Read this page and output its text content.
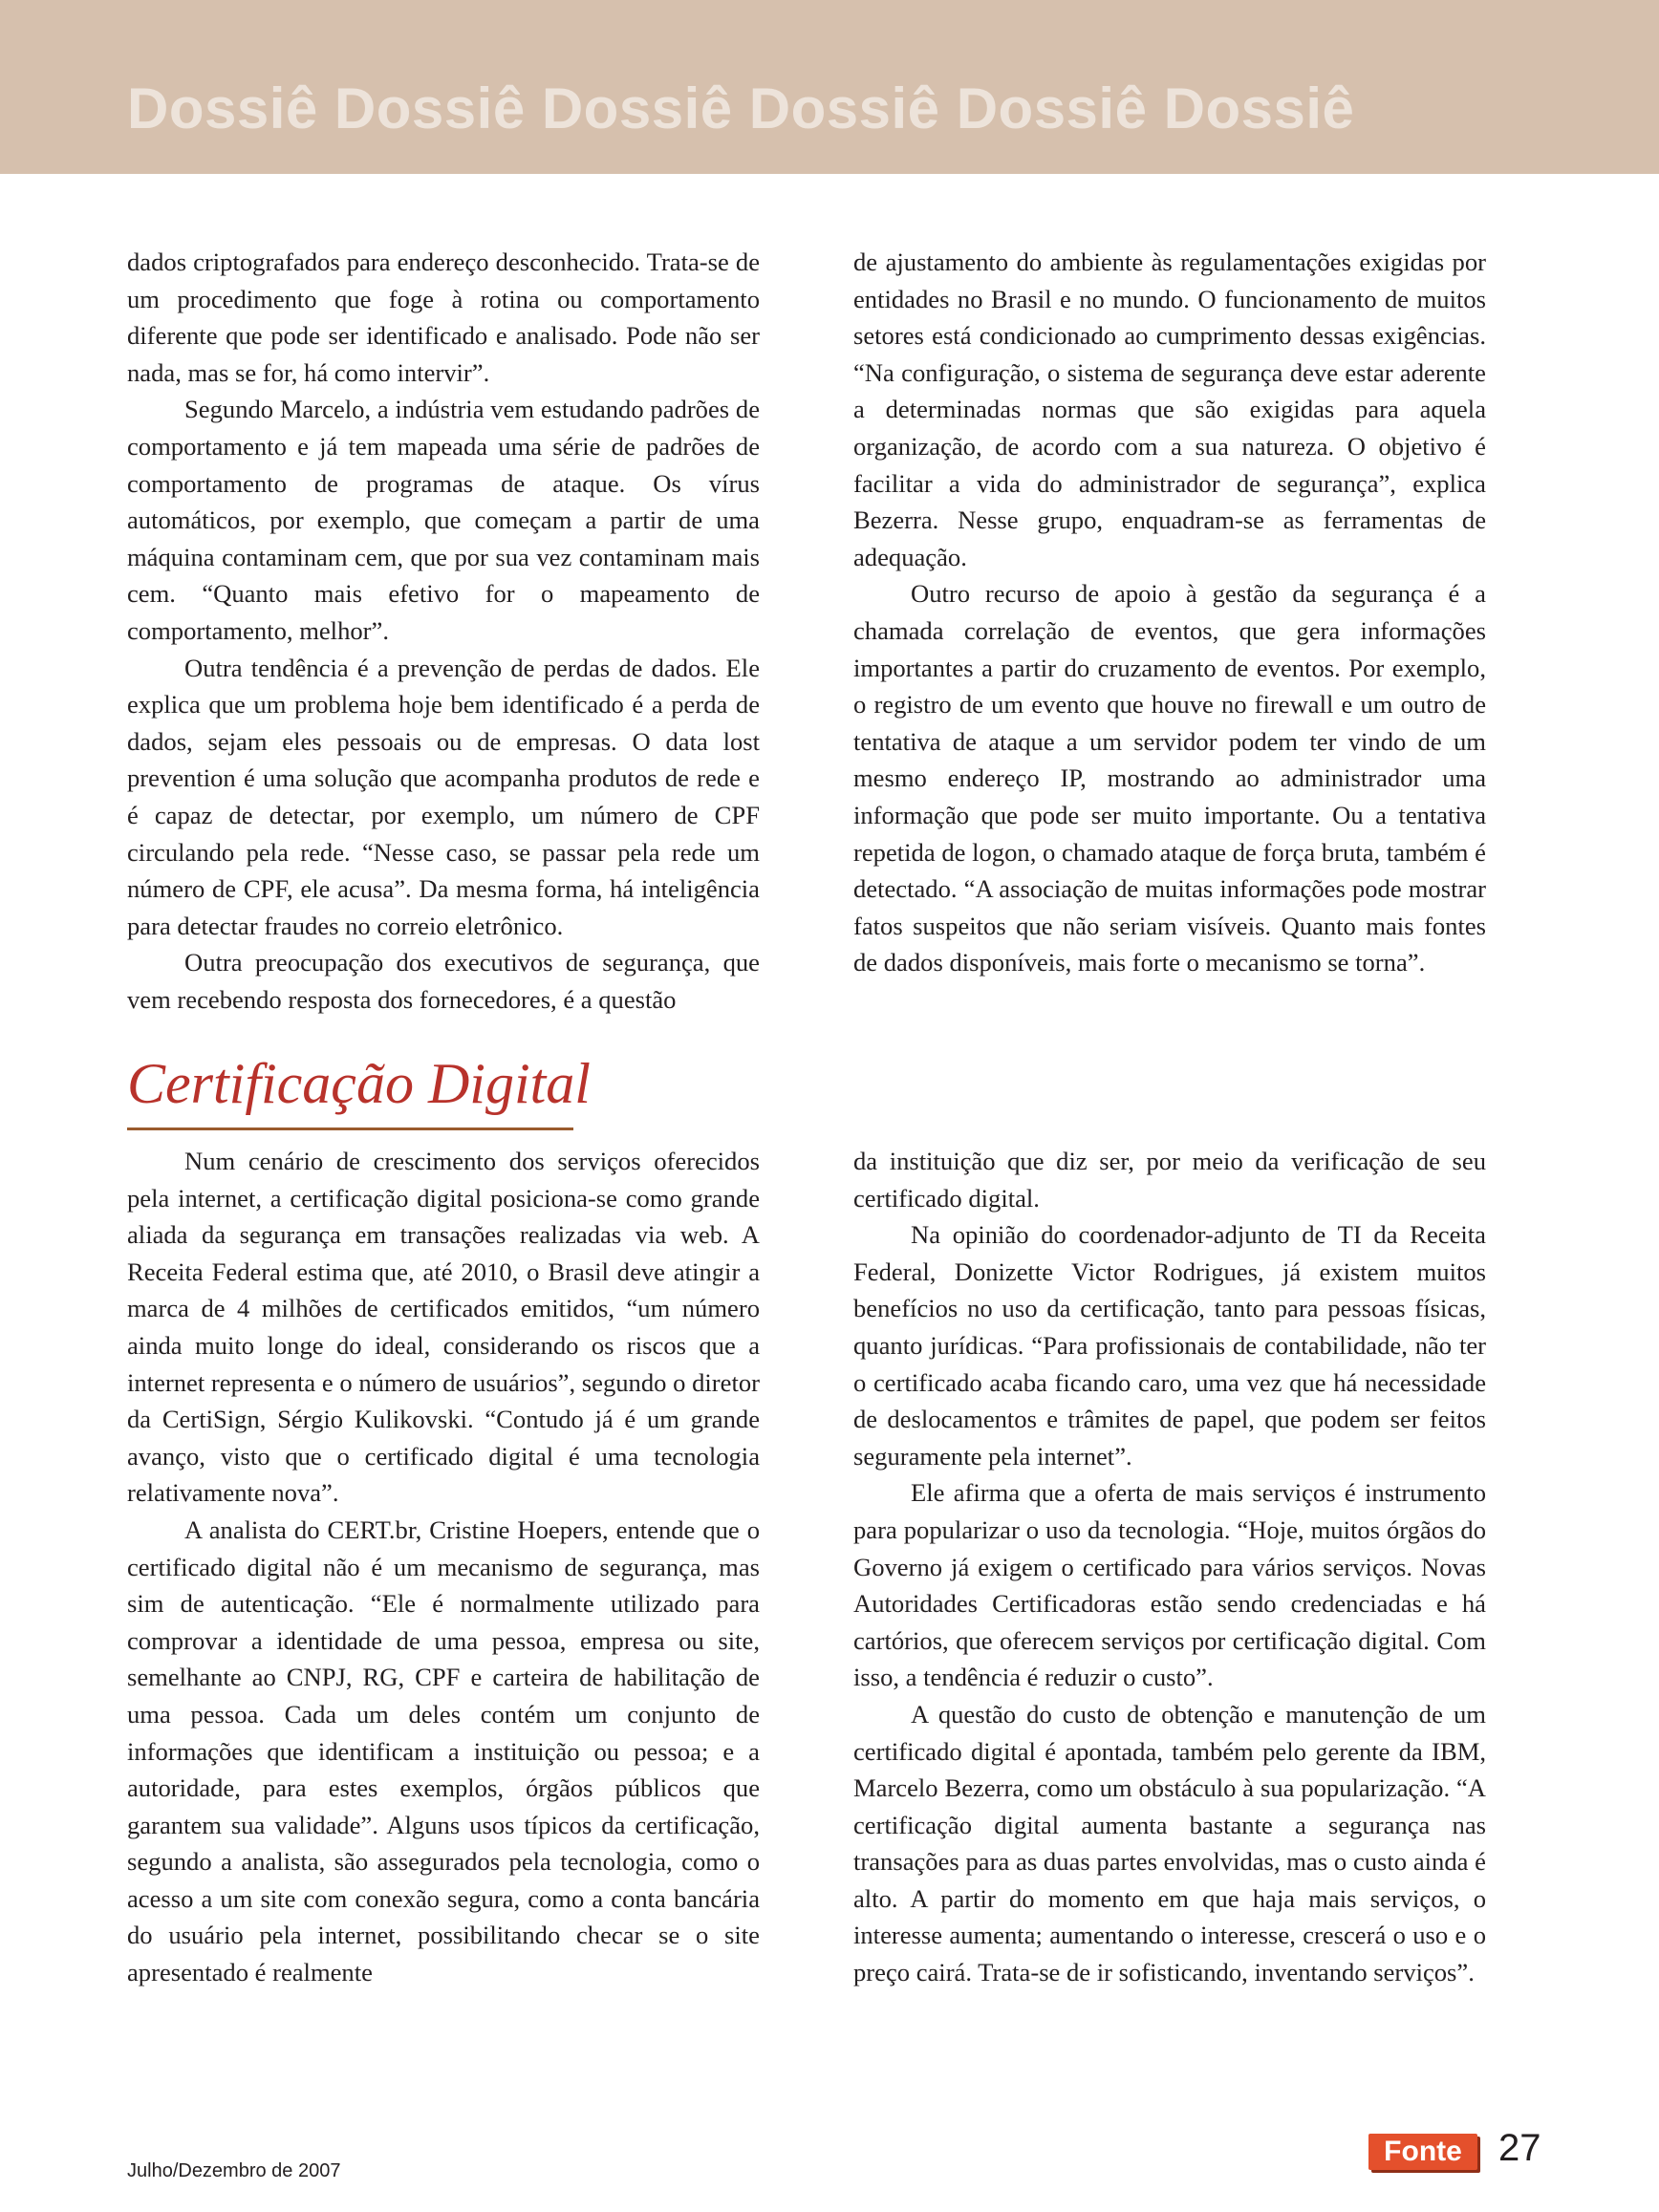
Dossiê Dossiê Dossiê Dossiê Dossiê Dossiê

dados criptografados para endereço desconhecido. Trata-se de um procedimento que foge à rotina ou comportamento diferente que pode ser identificado e analisado. Pode não ser nada, mas se for, há como intervir”.

Segundo Marcelo, a indústria vem estudando padrões de comportamento e já tem mapeada uma série de padrões de comportamento de programas de ataque. Os vírus automáticos, por exemplo, que começam a partir de uma máquina contaminam cem, que por sua vez contaminam mais cem. “Quanto mais efetivo for o mapeamento de comportamento, melhor”.

Outra tendência é a prevenção de perdas de dados. Ele explica que um problema hoje bem identificado é a perda de dados, sejam eles pessoais ou de empresas. O data lost prevention é uma solução que acompanha produtos de rede e é capaz de detectar, por exemplo, um número de CPF circulando pela rede. “Nesse caso, se passar pela rede um número de CPF, ele acusa”. Da mesma forma, há inteligência para detectar fraudes no correio eletrônico.

Outra preocupação dos executivos de segurança, que vem recebendo resposta dos fornecedores, é a questão

de ajustamento do ambiente às regulamentações exigidas por entidades no Brasil e no mundo. O funcionamento de muitos setores está condicionado ao cumprimento dessas exigências. “Na configuração, o sistema de segurança deve estar aderente a determinadas normas que são exigidas para aquela organização, de acordo com a sua natureza. O objetivo é facilitar a vida do administrador de segurança”, explica Bezerra. Nesse grupo, enquadram-se as ferramentas de adequação.

Outro recurso de apoio à gestão da segurança é a chamada correlação de eventos, que gera informações importantes a partir do cruzamento de eventos. Por exemplo, o registro de um evento que houve no firewall e um outro de tentativa de ataque a um servidor podem ter vindo de um mesmo endereço IP, mostrando ao administrador uma informação que pode ser muito importante. Ou a tentativa repetida de logon, o chamado ataque de força bruta, também é detectado. “A associação de muitas informações pode mostrar fatos suspeitos que não seriam visíveis. Quanto mais fontes de dados disponíveis, mais forte o mecanismo se torna”.

Certificação Digital

Num cenário de crescimento dos serviços oferecidos pela internet, a certificação digital posiciona-se como grande aliada da segurança em transações realizadas via web. A Receita Federal estima que, até 2010, o Brasil deve atingir a marca de 4 milhões de certificados emitidos, “um número ainda muito longe do ideal, considerando os riscos que a internet representa e o número de usuários”, segundo o diretor da CertiSign, Sérgio Kulikovski. “Contudo já é um grande avanço, visto que o certificado digital é uma tecnologia relativamente nova”.

A analista do CERT.br, Cristine Hoepers, entende que o certificado digital não é um mecanismo de segurança, mas sim de autenticação. “Ele é normalmente utilizado para comprovar a identidade de uma pessoa, empresa ou site, semelhante ao CNPJ, RG, CPF e carteira de habilitação de uma pessoa. Cada um deles contém um conjunto de informações que identificam a instituição ou pessoa; e a autoridade, para estes exemplos, órgãos públicos que garantem sua validade”. Alguns usos típicos da certificação, segundo a analista, são assegurados pela tecnologia, como o acesso a um site com conexão segura, como a conta bancária do usuário pela internet, possibilitando checar se o site apresentado é realmente

da instituição que diz ser, por meio da verificação de seu certificado digital.

Na opinião do coordenador-adjunto de TI da Receita Federal, Donizette Victor Rodrigues, já existem muitos benefícios no uso da certificação, tanto para pessoas físicas, quanto jurídicas. “Para profissionais de contabilidade, não ter o certificado acaba ficando caro, uma vez que há necessidade de deslocamentos e trâmites de papel, que podem ser feitos seguramente pela internet”.

Ele afirma que a oferta de mais serviços é instrumento para popularizar o uso da tecnologia. “Hoje, muitos órgãos do Governo já exigem o certificado para vários serviços. Novas Autoridades Certificadoras estão sendo credenciadas e há cartórios, que oferecem serviços por certificação digital. Com isso, a tendência é reduzir o custo”.

A questão do custo de obtenção e manutenção de um certificado digital é apontada, também pelo gerente da IBM, Marcelo Bezerra, como um obstáculo à sua popularização. “A certificação digital aumenta bastante a segurança nas transações para as duas partes envolvidas, mas o custo ainda é alto. A partir do momento em que haja mais serviços, o interesse aumenta; aumentando o interesse, crescerá o uso e o preço cairá. Trata-se de ir sofisticando, inventando serviços”.

Julho/Dezembro de 2007
Fonte 27
